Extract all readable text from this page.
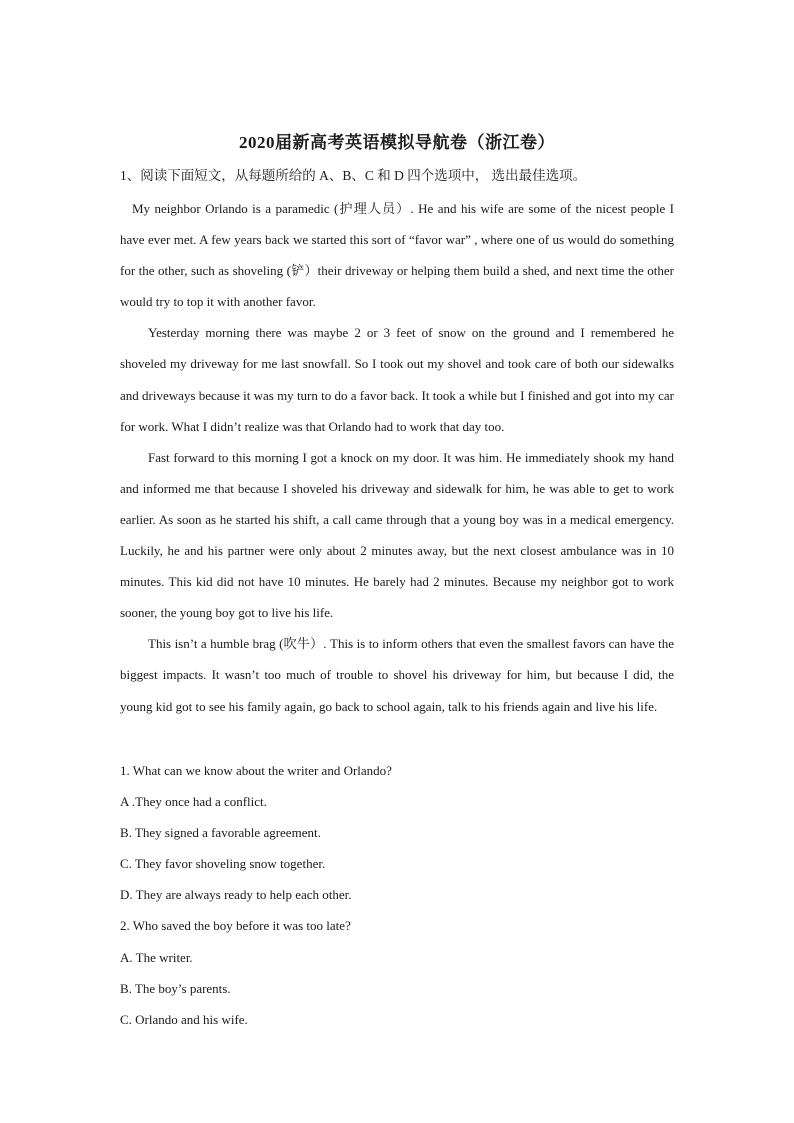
2020届新高考英语模拟导航卷（浙江卷）
1、阅读下面短文，从每题所给的 A、B、C 和 D 四个选项中， 选出最佳选项。

My neighbor Orlando is a paramedic (护理人员）. He and his wife are some of the nicest people I have ever met. A few years back we started this sort of “favor war” , where one of us would do something for the other, such as shoveling (铲）their driveway or helping them build a shed, and next time the other would try to top it with another favor.

Yesterday morning there was maybe 2 or 3 feet of snow on the ground and I remembered he shoveled my driveway for me last snowfall. So I took out my shovel and took care of both our sidewalks and driveways because it was my turn to do a favor back. It took a while but I finished and got into my car for work. What I didn’t realize was that Orlando had to work that day too.

Fast forward to this morning I got a knock on my door. It was him. He immediately shook my hand and informed me that because I shoveled his driveway and sidewalk for him, he was able to get to work earlier. As soon as he started his shift, a call came through that a young boy was in a medical emergency. Luckily, he and his partner were only about 2 minutes away, but the next closest ambulance was in 10 minutes. This kid did not have 10 minutes. He barely had 2 minutes. Because my neighbor got to work sooner, the young boy got to live his life.

This isn’t a humble brag (吹牛）. This is to inform others that even the smallest favors can have the biggest impacts. It wasn’t too much of trouble to shovel his driveway for him, but because I did, the young kid got to see his family again, go back to school again, talk to his friends again and live his life.

1. What can we know about the writer and Orlando?
A .They once had a conflict.
B. They signed a favorable agreement.
C. They favor shoveling snow together.
D. They are always ready to help each other.
2. Who saved the boy before it was too late?
A. The writer.
B. The boy’s parents.
C. Orlando and his wife.
